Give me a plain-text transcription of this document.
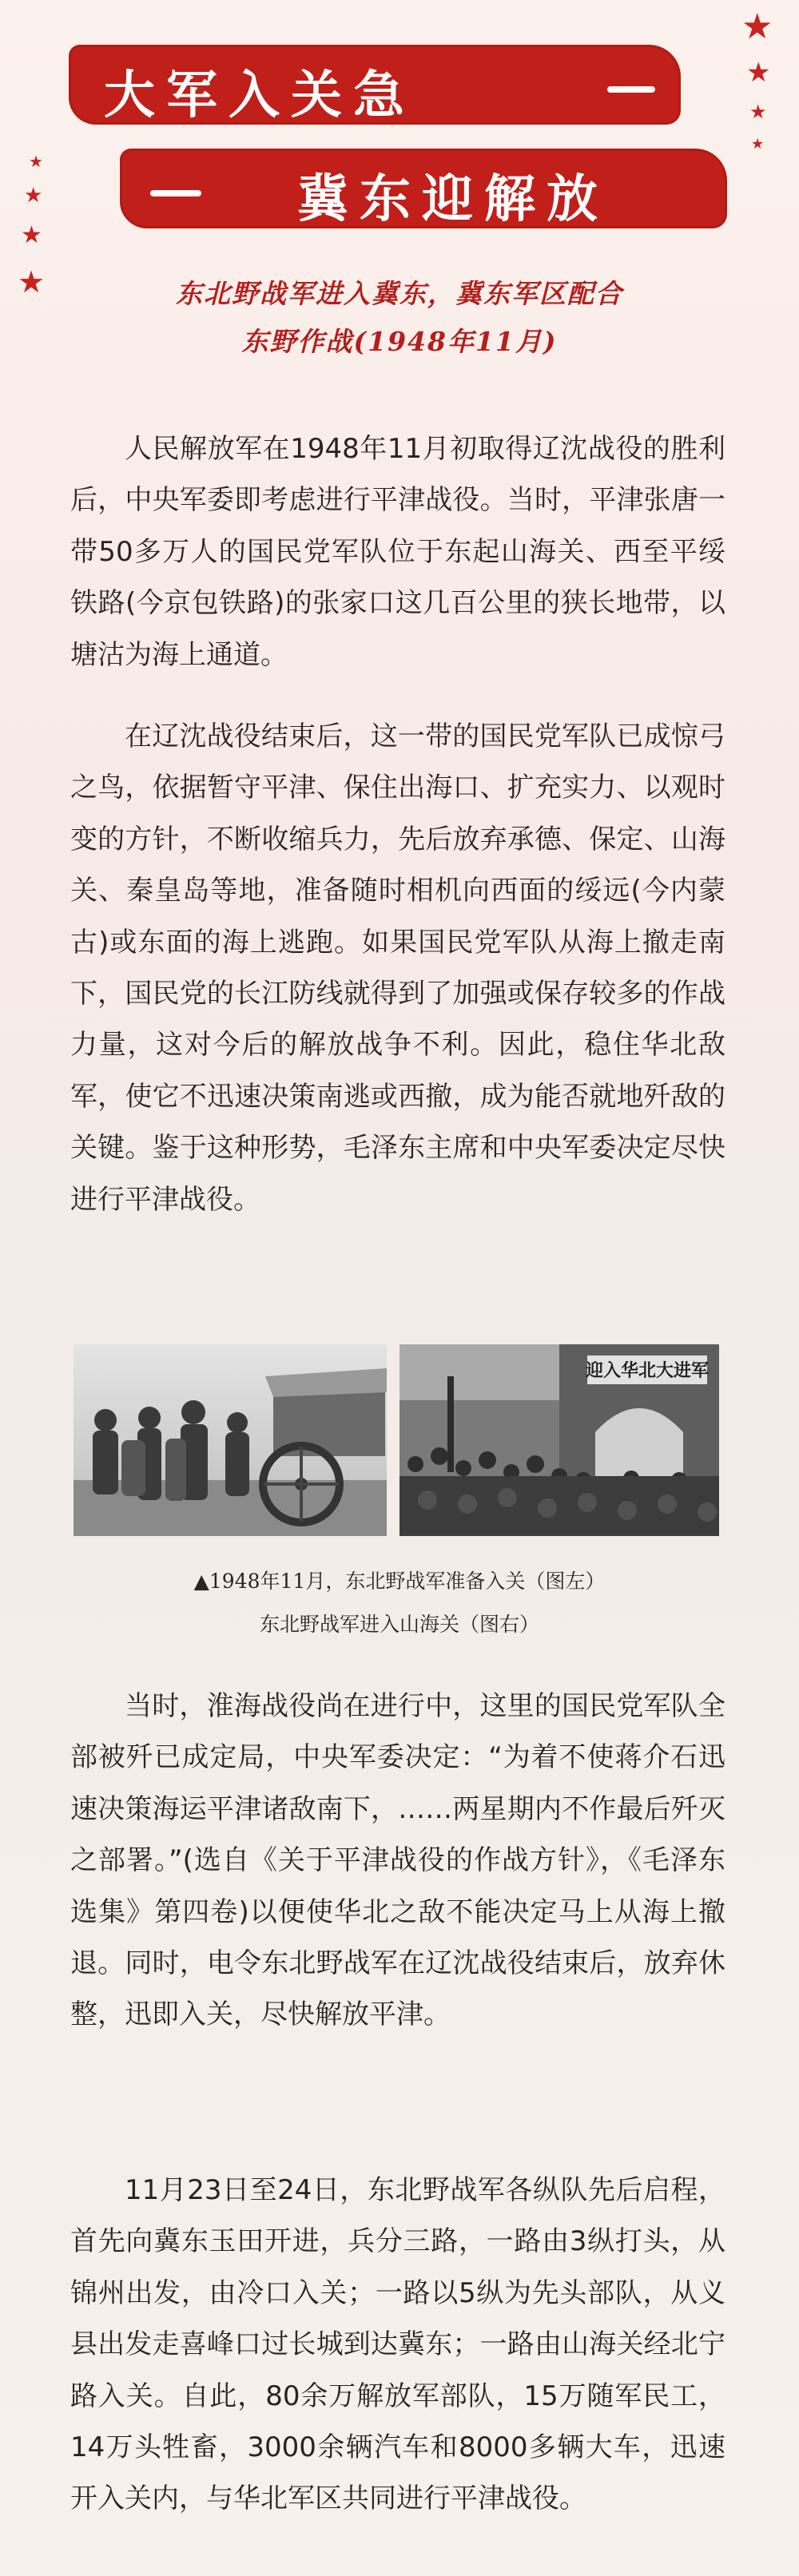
★
★
★
★
★
★
★
★
大军入关急
冀东迎解放
东北野战军进入冀东，冀东军区配合
东野作战(1948年11月)

人民解放军在1948年11月初取得辽沈战役的胜利后，中央军委即考虑进行平津战役。当时，平津张唐一带50多万人的国民党军队位于东起山海关、西至平绥铁路(今京包铁路)的张家口这几百公里的狭长地带，以塘沽为海上通道。

在辽沈战役结束后，这一带的国民党军队已成惊弓之鸟，依据暂守平津、保住出海口、扩充实力、以观时变的方针，不断收缩兵力，先后放弃承德、保定、山海关、秦皇岛等地，准备随时相机向西面的绥远(今内蒙古)或东面的海上逃跑。如果国民党军队从海上撤走南下，国民党的长江防线就得到了加强或保存较多的作战力量，这对今后的解放战争不利。因此，稳住华北敌军，使它不迅速决策南逃或西撤，成为能否就地歼敌的关键。鉴于这种形势，毛泽东主席和中央军委决定尽快进行平津战役。

迎入华北大进军
▲1948年11月，东北野战军准备入关（图左）
东北野战军进入山海关（图右）

当时，淮海战役尚在进行中，这里的国民党军队全部被歼已成定局，中央军委决定：“为着不使蒋介石迅速决策海运平津诸敌南下，……两星期内不作最后歼灭之部署。”(选自《关于平津战役的作战方针》，《毛泽东选集》第四卷)以便使华北之敌不能决定马上从海上撤退。同时，电令东北野战军在辽沈战役结束后，放弃休整，迅即入关，尽快解放平津。

11月23日至24日，东北野战军各纵队先后启程，首先向冀东玉田开进，兵分三路，一路由3纵打头，从锦州出发，由冷口入关；一路以5纵为先头部队，从义县出发走喜峰口过长城到达冀东；一路由山海关经北宁路入关。自此，80余万解放军部队，15万随军民工，14万头牲畜，3000余辆汽车和8000多辆大车，迅速开入关内，与华北军区共同进行平津战役。
